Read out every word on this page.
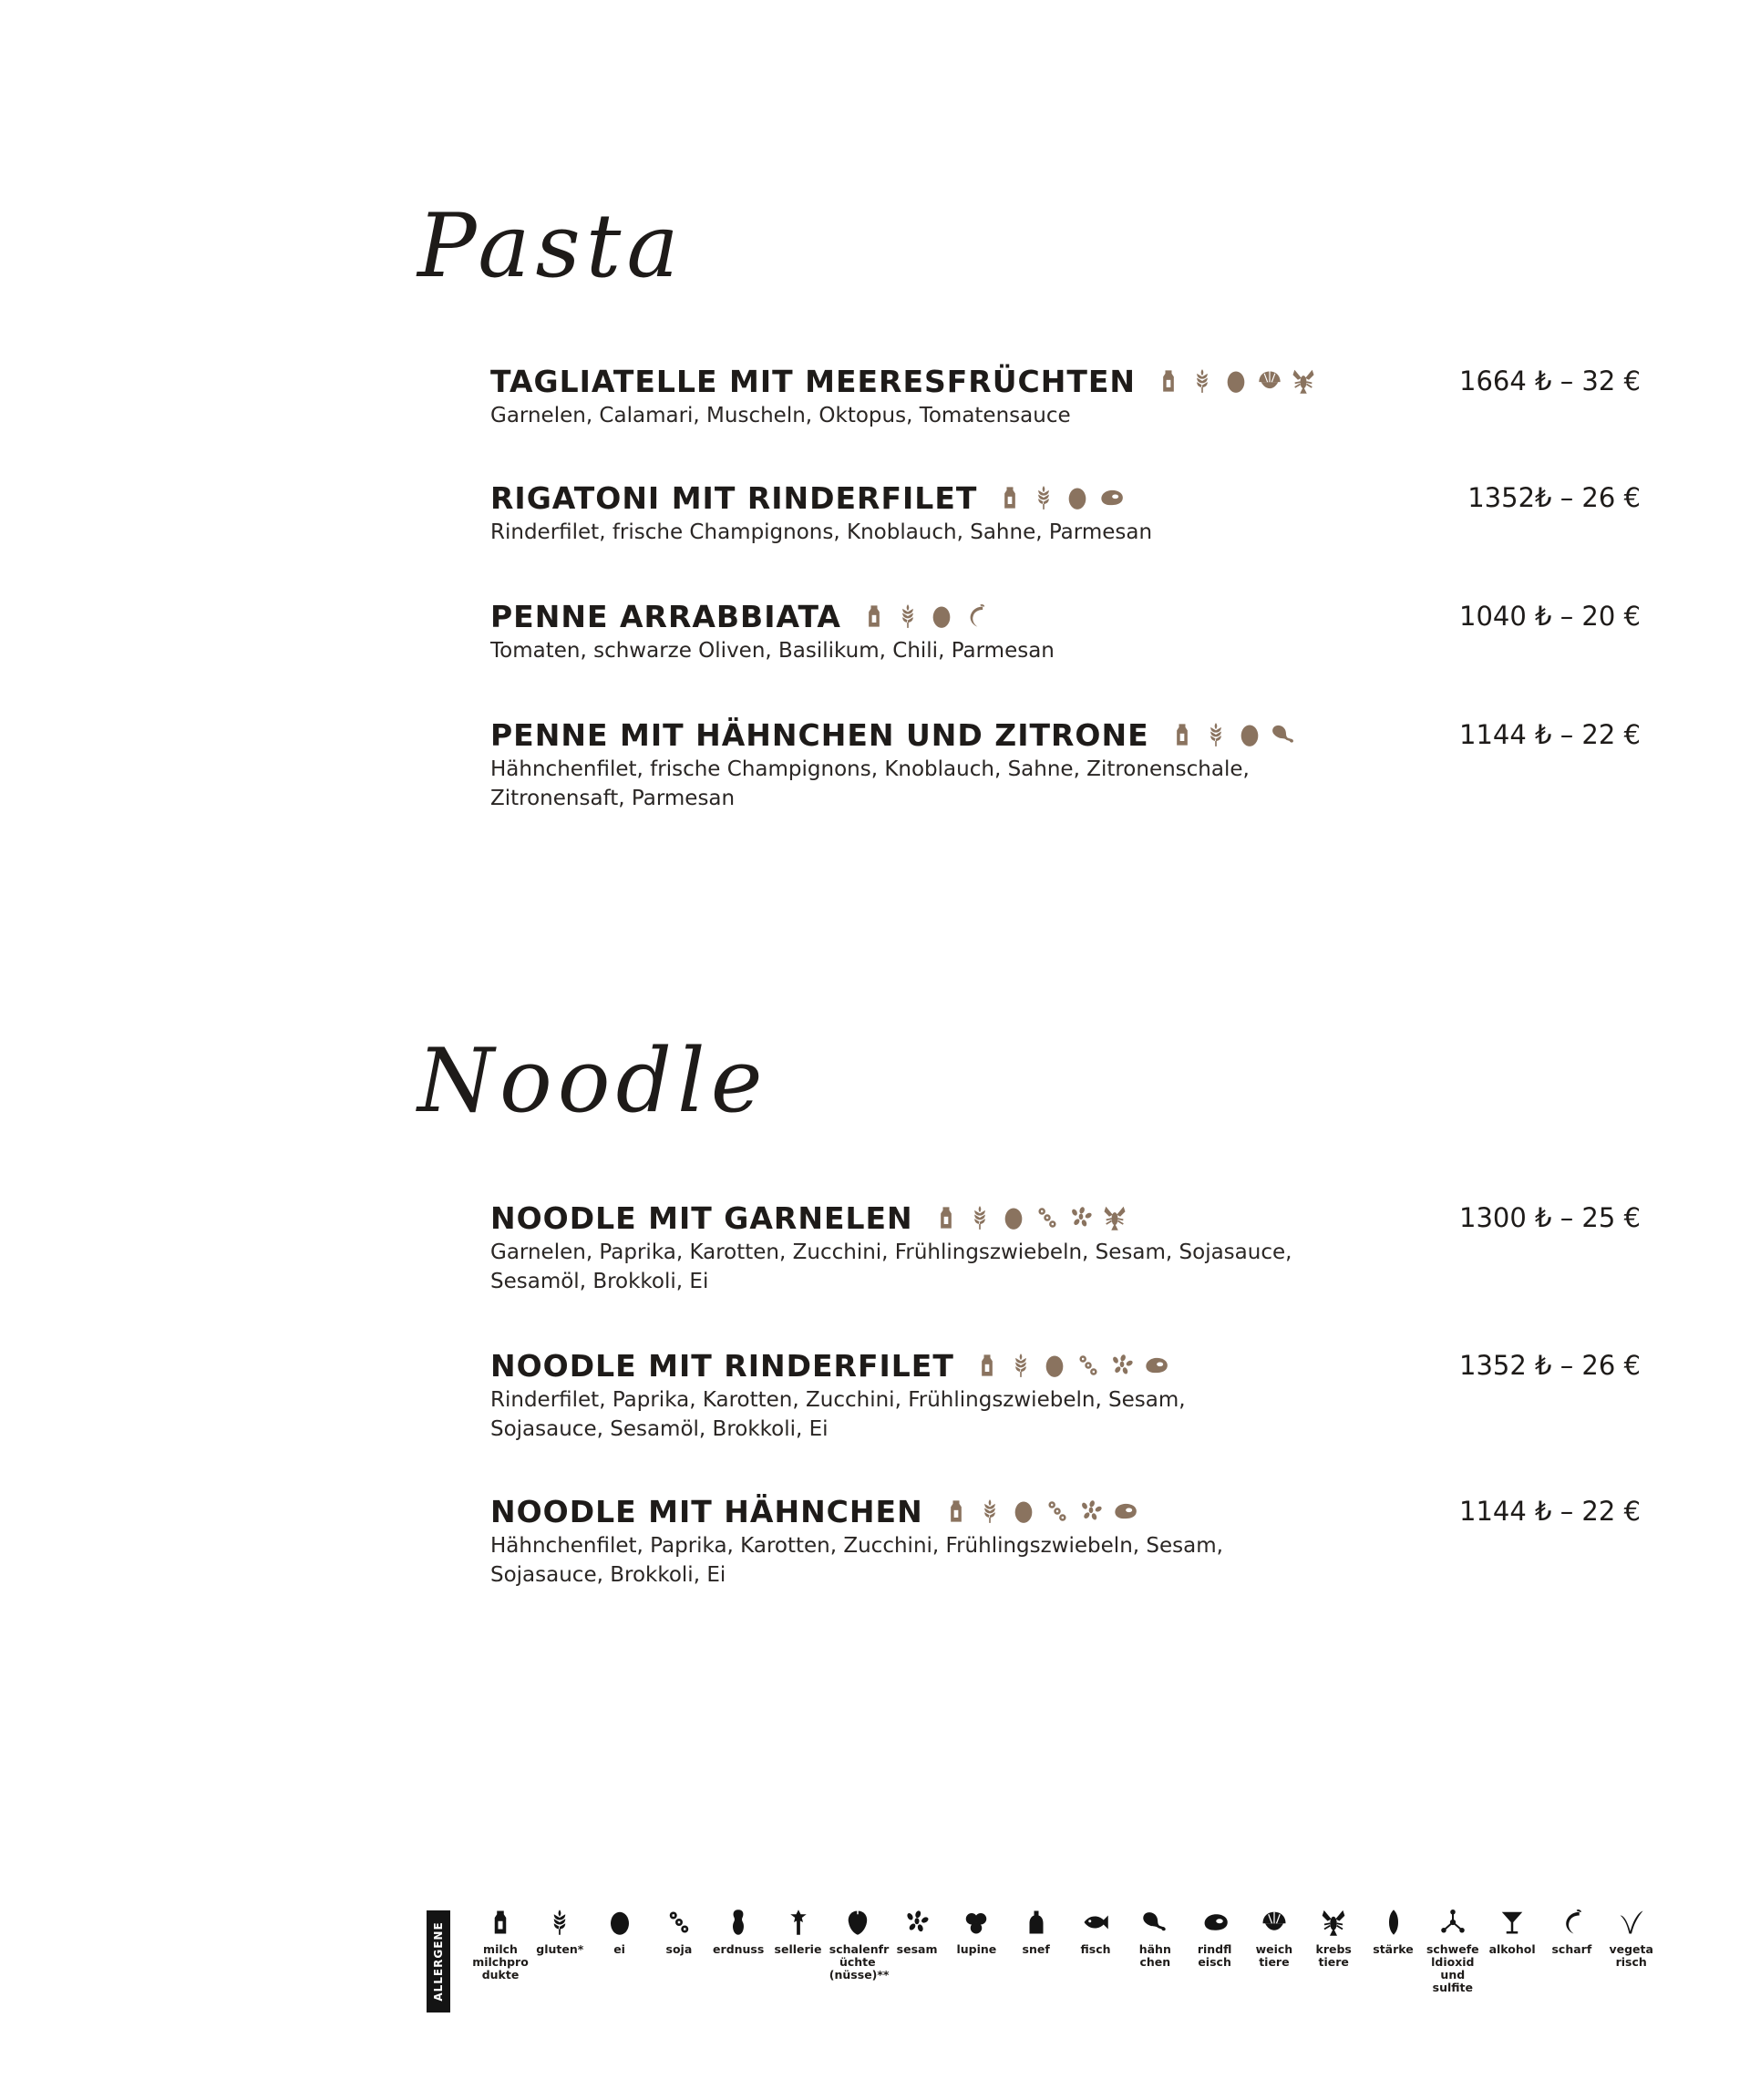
Pasta
TAGLIATELLE MIT MEERESFRÜCHTEN	1664 ₺ – 32 €
Garnelen, Calamari, Muscheln, Oktopus, Tomatensauce
RIGATONI MIT RINDERFILET	1352₺ – 26 €
Rinderfilet, frische Champignons, Knoblauch, Sahne, Parmesan
PENNE ARRABBIATA	1040 ₺ – 20 €
Tomaten, schwarze Oliven, Basilikum, Chili, Parmesan
PENNE MIT HÄHNCHEN UND ZITRONE	1144 ₺ – 22 €
Hähnchenfilet, frische Champignons, Knoblauch, Sahne, Zitronenschale, Zitronensaft, Parmesan
Noodle
NOODLE MIT GARNELEN	1300 ₺ – 25 €
Garnelen, Paprika, Karotten, Zucchini, Frühlingszwiebeln, Sesam, Sojasauce, Sesamöl, Brokkoli, Ei
NOODLE MIT RINDERFILET	1352 ₺ – 26 €
Rinderfilet, Paprika, Karotten, Zucchini, Frühlingszwiebeln, Sesam, Sojasauce, Sesamöl, Brokkoli, Ei
NOODLE MIT HÄHNCHEN	1144 ₺ – 22 €
Hähnchenfilet, Paprika, Karotten, Zucchini, Frühlingszwiebeln, Sesam, Sojasauce, Brokkoli, Ei
ALLERGENE	milch
milchpro
dukte
gluten*	ei	soja	erdnuss sellerie schalenfr
üchte
(nüsse)**
sesam	lupine	snef	fisch	hähn
chen
rindfl
eisch
weich
tiere
krebs
tiere
stärke	schwefe
ldioxid
und
sulfite
alkohol	scharf	vegeta
risch
